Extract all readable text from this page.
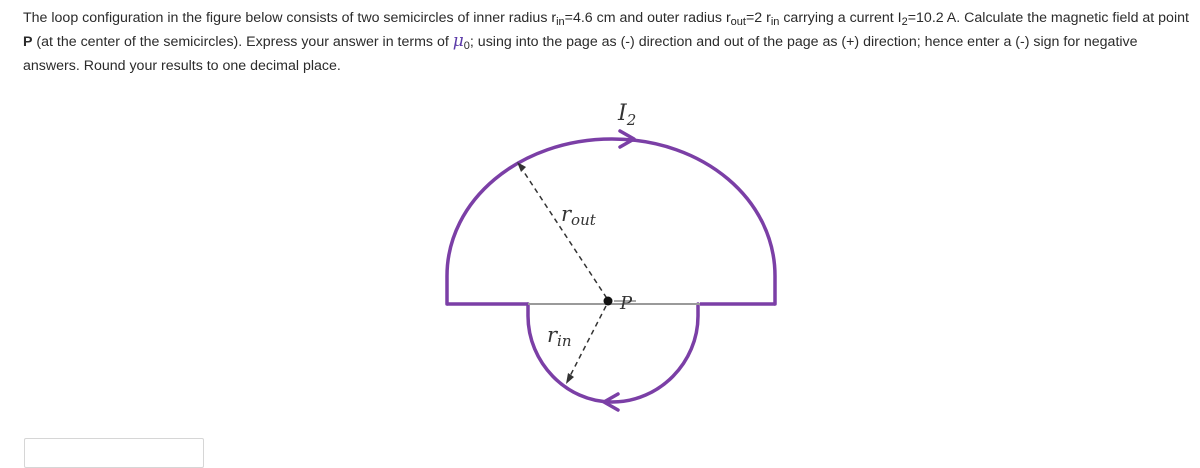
The loop configuration in the figure below consists of two semicircles of inner radius $r_{in}=4.6$ cm and outer radius $r_{out}=2$ $r_{in}$ carrying a current $I_2=10.2$ A. Calculate the magnetic field at point P (at the center of the semicircles). Express your answer in terms of $\mu_0$; using into the page as (-) direction and out of the page as (+) direction; hence enter a (-) sign for negative answers. Round your results to one decimal place.
$I_2$
rout
rin
P
